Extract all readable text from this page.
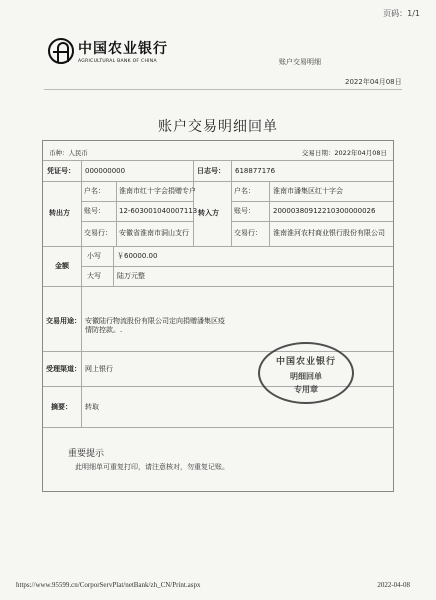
页码：1/1
中国农业银行
AGRICULTURAL BANK OF CHINA	账户交易明细
2022年04月08日
账户交易明细回单
币种：人民币	交易日期：2022年04月08日
凭证号： 000000000	日志号： 618877176
转出方
户名： 淮南市红十字会捐赠专户
账号： 12-603001040007113
交易行： 安徽省淮南市洞山支行
转入方
户名：	淮南市潘集区红十字会
账号：	20000380912210300000026
交易行： 淮南淮河农村商业银行股份有限公司
金额
小写 ￥60000.00
大写 陆万元整
交易用途： 安徽陆行物流股份有限公司定向捐赠潘集区疫情防控款。.
受理渠道： 网上银行
摘要： 转取
重要提示
此明细单可重复打印，请注意核对，勿重复记账。
中国农业银行
明细回单
专用章
https://www.95599.cn/CorporServPlat/netBank/zh_CN/Print.aspx	2022-04-08
